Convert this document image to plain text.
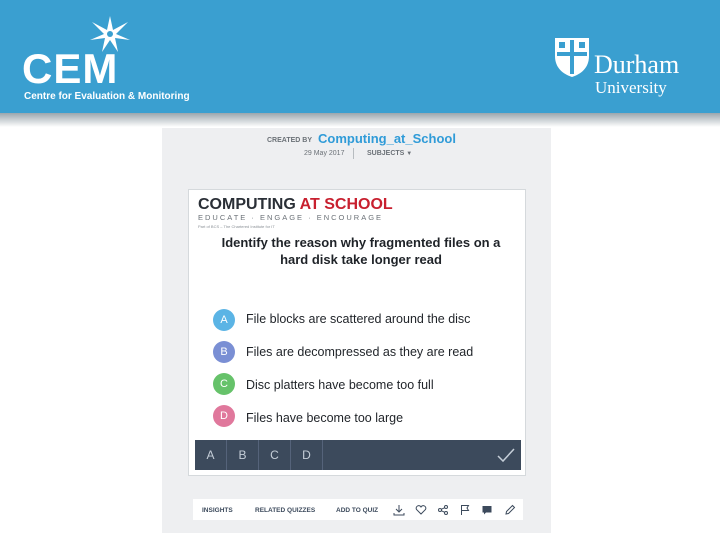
CEM
Centre for Evaluation & Monitoring
Durham
University
CREATED BY Computing_at_School
29 May 2017	SUBJECTS ▼
COMPUTING AT SCHOOL
EDUCATE · ENGAGE · ENCOURAGE
Part of BCS – The Chartered Institute for IT
Identify the reason why fragmented files on a hard disk take longer read
A	File blocks are scattered around the disc
B	Files are decompressed as they are read
C	Disc platters have become too full
D	Files have become too large
A	B	C	D
INSIGHTS	RELATED QUIZZES	ADD TO QUIZ
